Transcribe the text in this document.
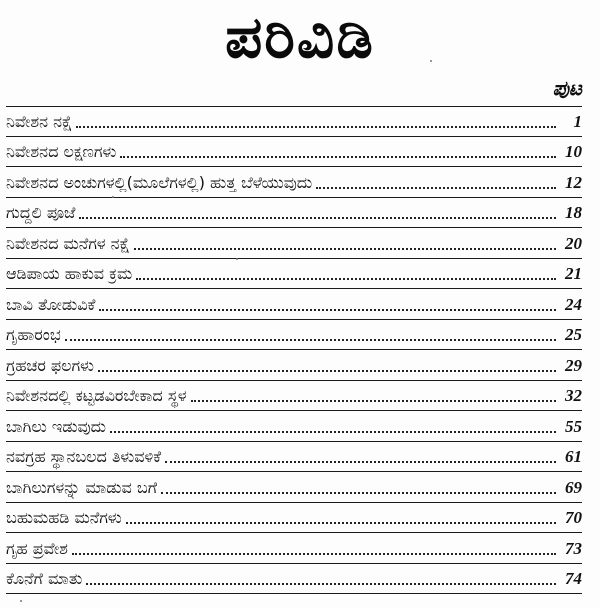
ಪರಿವಿಡಿ
ಪುಟ
ನಿವೇಶನ ನಕ್ಷೆ	1
ನಿವೇಶನದ ಲಕ್ಷಣಗಳು	10
ನಿವೇಶನದ ಅಂಚುಗಳಲ್ಲಿ(ಮೂಲೆಗಳಲ್ಲಿ) ಹುತ್ತ ಬೆಳೆಯುವುದು	12
ಗುದ್ದಲಿ ಪೂಜೆ	18
ನಿವೇಶನದ ಮನೆಗಳ ನಕ್ಷೆ	20
ಆಡಿಪಾಯ ಹಾಕುವ ಕ್ರಮ	21
ಬಾವಿ ತೋಡುವಿಕೆ	24
ಗೃಹಾರಂಭ	25
ಗ್ರಹಚರ ಫಲಗಳು	29
ನಿವೇಶನದಲ್ಲಿ ಕಟ್ಟಡವಿರಬೇಕಾದ ಸ್ಥಳ	32
ಬಾಗಿಲು ಇಡುವುದು	55
ನವಗ್ರಹ ಸ್ಥಾನಬಲದ ತಿಳುವಳಿಕೆ	61
ಬಾಗಿಲುಗಳನ್ನು ಮಾಡುವ ಬಗೆ	69
ಬಹುಮಹಡಿ ಮನೆಗಳು	70
ಗೃಹ ಪ್ರವೇಶ	73
ಕೊನೆಗೆ ಮಾತು	74
